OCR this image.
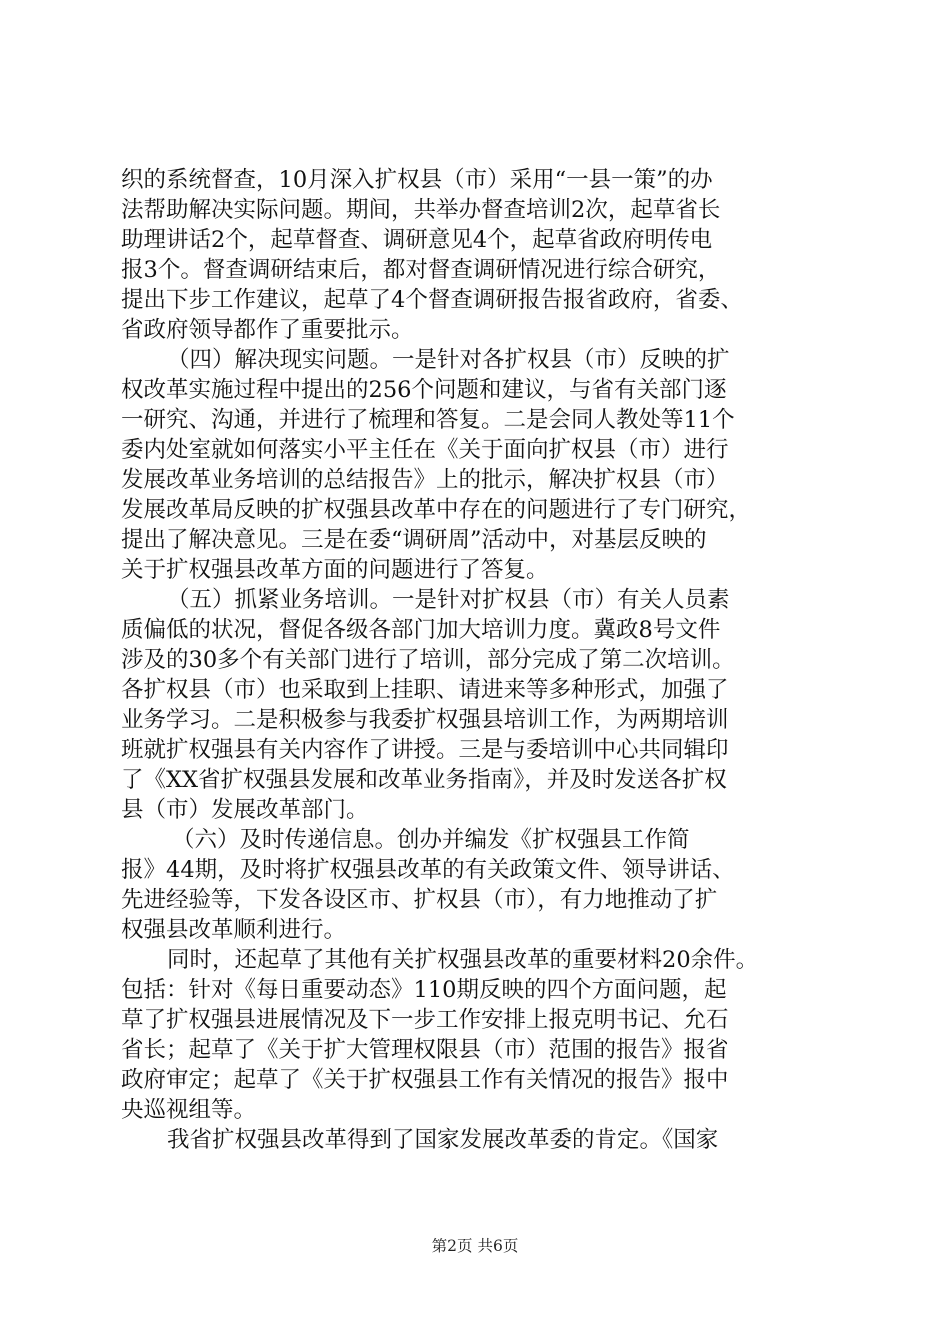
织的系统督查，10月深入扩权县（市）采用“一县一策”的办
法帮助解决实际问题。期间，共举办督查培训2次，起草省长
助理讲话2个，起草督查、调研意见4个，起草省政府明传电
报3个。督查调研结束后，都对督查调研情况进行综合研究，
提出下步工作建议，起草了4个督查调研报告报省政府，省委、
省政府领导都作了重要批示。
（四）解决现实问题。一是针对各扩权县（市）反映的扩
权改革实施过程中提出的256个问题和建议，与省有关部门逐
一研究、沟通，并进行了梳理和答复。二是会同人教处等11个
委内处室就如何落实小平主任在《关于面向扩权县（市）进行
发展改革业务培训的总结报告》上的批示，解决扩权县（市）
发展改革局反映的扩权强县改革中存在的问题进行了专门研究，
提出了解决意见。三是在委“调研周”活动中，对基层反映的
关于扩权强县改革方面的问题进行了答复。
（五）抓紧业务培训。一是针对扩权县（市）有关人员素
质偏低的状况，督促各级各部门加大培训力度。冀政8号文件
涉及的30多个有关部门进行了培训，部分完成了第二次培训。
各扩权县（市）也采取到上挂职、请进来等多种形式，加强了
业务学习。二是积极参与我委扩权强县培训工作，为两期培训
班就扩权强县有关内容作了讲授。三是与委培训中心共同辑印
了《XX省扩权强县发展和改革业务指南》，并及时发送各扩权
县（市）发展改革部门。
（六）及时传递信息。创办并编发《扩权强县工作简
报》44期，及时将扩权强县改革的有关政策文件、领导讲话、
先进经验等，下发各设区市、扩权县（市），有力地推动了扩
权强县改革顺利进行。
同时，还起草了其他有关扩权强县改革的重要材料20余件。
包括：针对《每日重要动态》110期反映的四个方面问题，起
草了扩权强县进展情况及下一步工作安排上报克明书记、允石
省长；起草了《关于扩大管理权限县（市）范围的报告》报省
政府审定；起草了《关于扩权强县工作有关情况的报告》报中
央巡视组等。
我省扩权强县改革得到了国家发展改革委的肯定。《国家
第2页 共6页
